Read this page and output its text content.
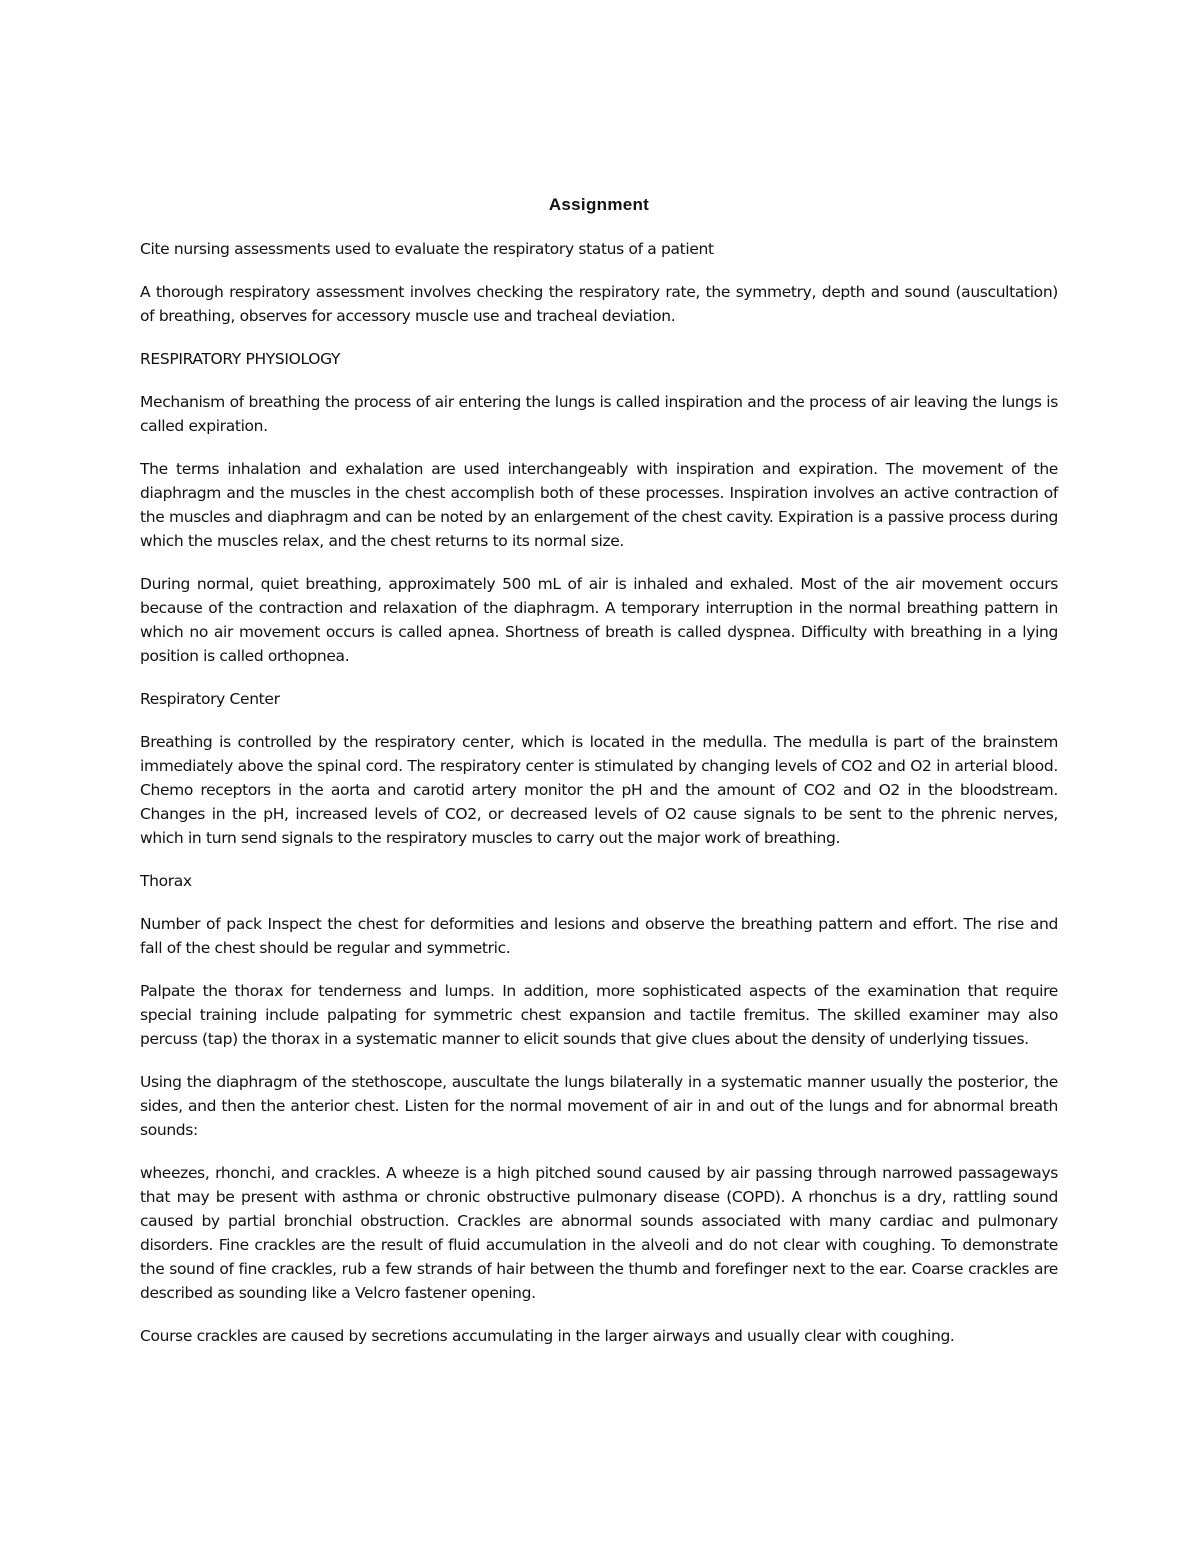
Assignment

Cite nursing assessments used to evaluate the respiratory status of a patient

A thorough respiratory assessment involves checking the respiratory rate, the symmetry, depth and sound (auscultation) of breathing, observes for accessory muscle use and tracheal deviation.

RESPIRATORY PHYSIOLOGY

Mechanism of breathing the process of air entering the lungs is called inspiration and the process of air leaving the lungs is called expiration.

The terms inhalation and exhalation are used interchangeably with inspiration and expiration. The movement of the diaphragm and the muscles in the chest accomplish both of these processes. Inspiration involves an active contraction of the muscles and diaphragm and can be noted by an enlargement of the chest cavity. Expiration is a passive process during which the muscles relax, and the chest returns to its normal size.

During normal, quiet breathing, approximately 500 mL of air is inhaled and exhaled. Most of the air movement occurs because of the contraction and relaxation of the diaphragm. A temporary interruption in the normal breathing pattern in which no air movement occurs is called apnea. Shortness of breath is called dyspnea. Difficulty with breathing in a lying position is called orthopnea.

Respiratory Center

Breathing is controlled by the respiratory center, which is located in the medulla. The medulla is part of the brainstem immediately above the spinal cord. The respiratory center is stimulated by changing levels of CO2 and O2 in arterial blood. Chemo receptors in the aorta and carotid artery monitor the pH and the amount of CO2 and O2 in the bloodstream. Changes in the pH, increased levels of CO2, or decreased levels of O2 cause signals to be sent to the phrenic nerves, which in turn send signals to the respiratory muscles to carry out the major work of breathing.

Thorax

Number of pack Inspect the chest for deformities and lesions and observe the breathing pattern and effort. The rise and fall of the chest should be regular and symmetric.

Palpate the thorax for tenderness and lumps. In addition, more sophisticated aspects of the examination that require special training include palpating for symmetric chest expansion and tactile fremitus. The skilled examiner may also percuss (tap) the thorax in a systematic manner to elicit sounds that give clues about the density of underlying tissues.

Using the diaphragm of the stethoscope, auscultate the lungs bilaterally in a systematic manner usually the posterior, the sides, and then the anterior chest. Listen for the normal movement of air in and out of the lungs and for abnormal breath sounds:

wheezes, rhonchi, and crackles. A wheeze is a high pitched sound caused by air passing through narrowed passageways that may be present with asthma or chronic obstructive pulmonary disease (COPD). A rhonchus is a dry, rattling sound caused by partial bronchial obstruction. Crackles are abnormal sounds associated with many cardiac and pulmonary disorders. Fine crackles are the result of fluid accumulation in the alveoli and do not clear with coughing. To demonstrate the sound of fine crackles, rub a few strands of hair between the thumb and forefinger next to the ear. Coarse crackles are described as sounding like a Velcro fastener opening.

Course crackles are caused by secretions accumulating in the larger airways and usually clear with coughing.
